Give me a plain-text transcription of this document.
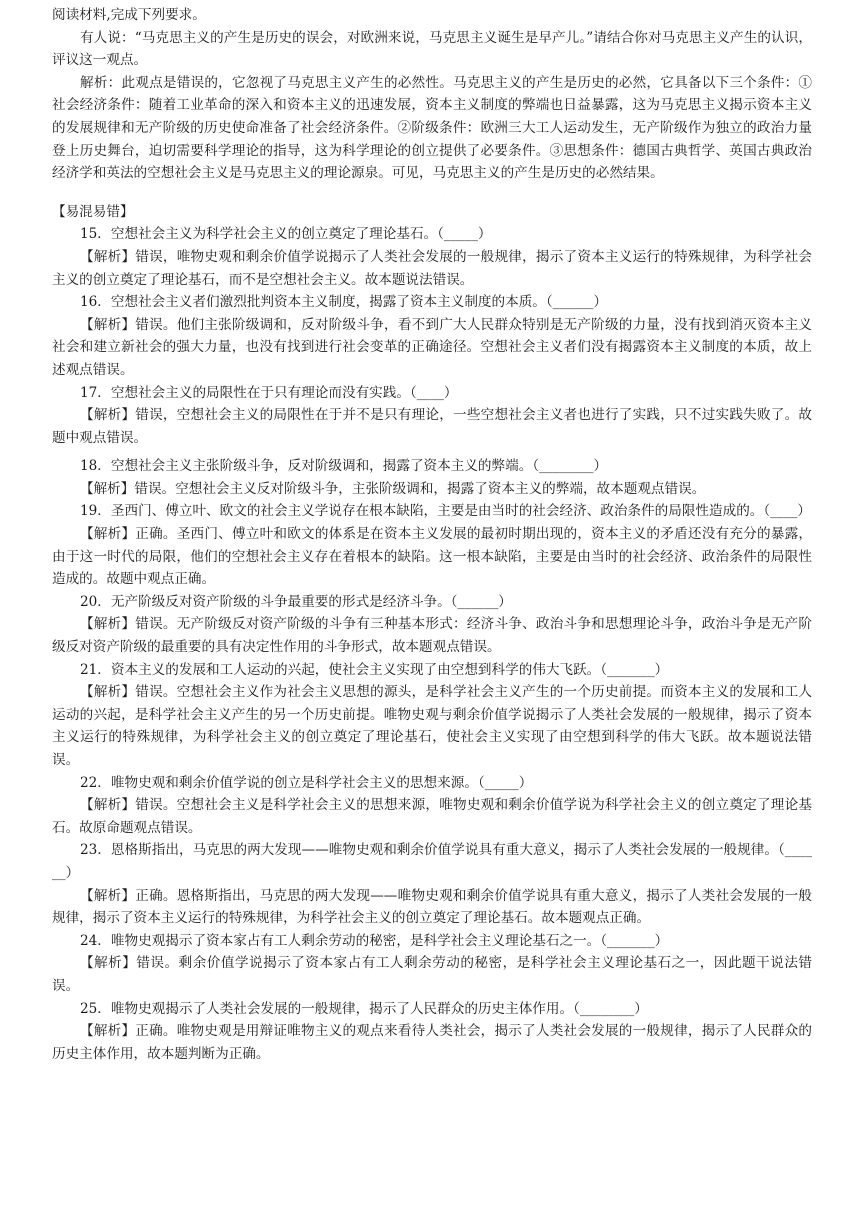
阅读材料,完成下列要求。

有人说：“马克思主义的产生是历史的误会，对欧洲来说，马克思主义诞生是早产儿。”请结合你对马克思主义产生的认识，评议这一观点。

解析：此观点是错误的，它忽视了马克思主义产生的必然性。马克思主义的产生是历史的必然，它具备以下三个条件：①社会经济条件：随着工业革命的深入和资本主义的迅速发展，资本主义制度的弊端也日益暴露，这为马克思主义揭示资本主义的发展规律和无产阶级的历史使命准备了社会经济条件。②阶级条件：欧洲三大工人运动发生，无产阶级作为独立的政治力量登上历史舞台，迫切需要科学理论的指导，这为科学理论的创立提供了必要条件。③思想条件：德国古典哲学、英国古典政治经济学和英法的空想社会主义是马克思主义的理论源泉。可见，马克思主义的产生是历史的必然结果。

【易混易错】

15．空想社会主义为科学社会主义的创立奠定了理论基石。（_____）

【解析】错误，唯物史观和剩余价值学说揭示了人类社会发展的一般规律，揭示了资本主义运行的特殊规律，为科学社会主义的创立奠定了理论基石，而不是空想社会主义。故本题说法错误。

16．空想社会主义者们激烈批判资本主义制度，揭露了资本主义制度的本质。（______）

【解析】错误。他们主张阶级调和，反对阶级斗争，看不到广大人民群众特别是无产阶级的力量，没有找到消灭资本主义社会和建立新社会的强大力量，也没有找到进行社会变革的正确途径。空想社会主义者们没有揭露资本主义制度的本质，故上述观点错误。

17．空想社会主义的局限性在于只有理论而没有实践。（____）

【解析】错误，空想社会主义的局限性在于并不是只有理论，一些空想社会主义者也进行了实践，只不过实践失败了。故题中观点错误。

18．空想社会主义主张阶级斗争，反对阶级调和，揭露了资本主义的弊端。（________）

【解析】错误。空想社会主义反对阶级斗争，主张阶级调和，揭露了资本主义的弊端，故本题观点错误。

19．圣西门、傅立叶、欧文的社会主义学说存在根本缺陷，主要是由当时的社会经济、政治条件的局限性造成的。（____）

【解析】正确。圣西门、傅立叶和欧文的体系是在资本主义发展的最初时期出现的，资本主义的矛盾还没有充分的暴露，由于这一时代的局限，他们的空想社会主义存在着根本的缺陷。这一根本缺陷，主要是由当时的社会经济、政治条件的局限性造成的。故题中观点正确。

20．无产阶级反对资产阶级的斗争最重要的形式是经济斗争。（______）

【解析】错误。无产阶级反对资产阶级的斗争有三种基本形式：经济斗争、政治斗争和思想理论斗争，政治斗争是无产阶级反对资产阶级的最重要的具有决定性作用的斗争形式，故本题观点错误。

21．资本主义的发展和工人运动的兴起，使社会主义实现了由空想到科学的伟大飞跃。（_______）

【解析】错误。空想社会主义作为社会主义思想的源头，是科学社会主义产生的一个历史前提。而资本主义的发展和工人运动的兴起，是科学社会主义产生的另一个历史前提。唯物史观与剩余价值学说揭示了人类社会发展的一般规律，揭示了资本主义运行的特殊规律，为科学社会主义的创立奠定了理论基石，使社会主义实现了由空想到科学的伟大飞跃。故本题说法错误。

22．唯物史观和剩余价值学说的创立是科学社会主义的思想来源。（_____）

【解析】错误。空想社会主义是科学社会主义的思想来源，唯物史观和剩余价值学说为科学社会主义的创立奠定了理论基石。故原命题观点错误。

23．恩格斯指出，马克思的两大发现——唯物史观和剩余价值学说具有重大意义，揭示了人类社会发展的一般规律。（______）

【解析】正确。恩格斯指出，马克思的两大发现——唯物史观和剩余价值学说具有重大意义，揭示了人类社会发展的一般规律，揭示了资本主义运行的特殊规律，为科学社会主义的创立奠定了理论基石。故本题观点正确。

24．唯物史观揭示了资本家占有工人剩余劳动的秘密，是科学社会主义理论基石之一。（_______）

【解析】错误。剩余价值学说揭示了资本家占有工人剩余劳动的秘密，是科学社会主义理论基石之一，因此题干说法错误。

25．唯物史观揭示了人类社会发展的一般规律，揭示了人民群众的历史主体作用。（________）

【解析】正确。唯物史观是用辩证唯物主义的观点来看待人类社会，揭示了人类社会发展的一般规律，揭示了人民群众的历史主体作用，故本题判断为正确。
